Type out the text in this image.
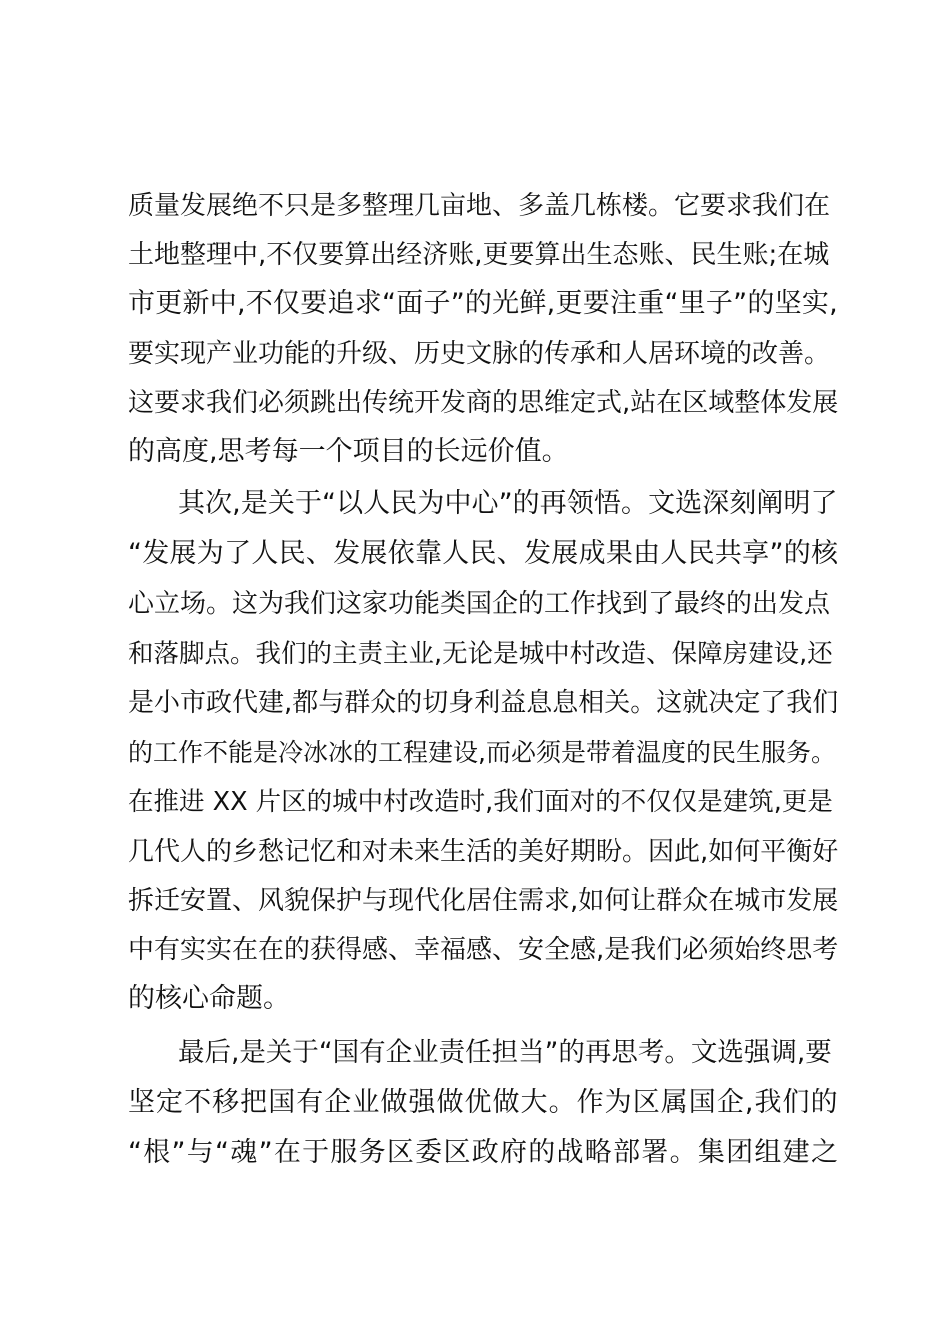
质量发展绝不只是多整理几亩地、多盖几栋楼。它要求我们在
土地整理中,不仅要算出经济账,更要算出生态账、民生账;在城
市更新中,不仅要追求“面子”的光鲜,更要注重“里子”的坚实,
要实现产业功能的升级、历史文脉的传承和人居环境的改善。
这要求我们必须跳出传统开发商的思维定式,站在区域整体发展
的高度,思考每一个项目的长远价值。
其次,是关于“以人民为中心”的再领悟。文选深刻阐明了
“发展为了人民、发展依靠人民、发展成果由人民共享”的核
心立场。这为我们这家功能类国企的工作找到了最终的出发点
和落脚点。我们的主责主业,无论是城中村改造、保障房建设,还
是小市政代建,都与群众的切身利益息息相关。这就决定了我们
的工作不能是冷冰冰的工程建设,而必须是带着温度的民生服务。
在推进 XX 片区的城中村改造时,我们面对的不仅仅是建筑,更是
几代人的乡愁记忆和对未来生活的美好期盼。因此,如何平衡好
拆迁安置、风貌保护与现代化居住需求,如何让群众在城市发展
中有实实在在的获得感、幸福感、安全感,是我们必须始终思考
的核心命题。
最后,是关于“国有企业责任担当”的再思考。文选强调,要
坚定不移把国有企业做强做优做大。作为区属国企,我们的
“根”与“魂”在于服务区委区政府的战略部署。集团组建之
